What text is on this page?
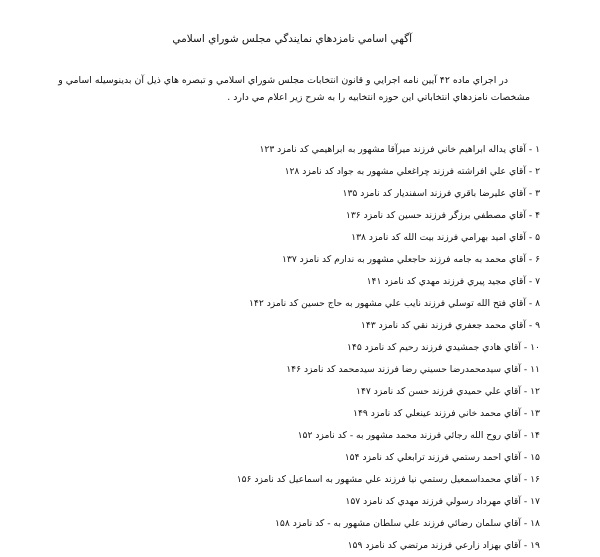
آگهي اسامي نامزدهاي نمايندگي مجلس شوراي اسلامي
در اجراي ماده ۴۲ آيين نامه اجرايي و قانون انتخابات مجلس شوراي اسلامي و تبصره هاي ذيل آن بدينوسيله اسامي و
مشخصات نامزدهاي انتخاباتي اين حوزه انتخابيه را به شرح زير اعلام مي دارد .
۱ - آقاي يداله ابراهيم خاني فرزند ميرآقا مشهور به ابراهيمي كد نامزد ۱۲۳
۲ - آقاي علي افراشته فرزند چراغعلي مشهور به جواد كد نامزد ۱۲۸
۳ - آقاي عليرضا باقري فرزند اسفنديار كد نامزد ۱۳۵
۴ - آقاي مصطفي برزگر فرزند حسين كد نامزد ۱۳۶
۵ - آقاي اميد بهرامي فرزند بيت الله كد نامزد ۱۳۸
۶ - آقاي محمد به جامه فرزند حاجعلي مشهور به ندارم كد نامزد ۱۳۷
۷ - آقاي مجيد پيري فرزند مهدي كد نامزد ۱۴۱
۸ - آقاي فتح الله توسلي فرزند نايب علي مشهور به حاج حسين كد نامزد ۱۴۲
۹ - آقاي محمد جعفري فرزند نقي كد نامزد ۱۴۳
۱۰ - آقاي هادي جمشيدي فرزند رحيم كد نامزد ۱۴۵
۱۱ - آقاي سيدمحمدرضا حسيني رضا فرزند سيدمحمد كد نامزد ۱۴۶
۱۲ - آقاي علي حميدي فرزند حسن كد نامزد ۱۴۷
۱۳ - آقاي محمد خاني فرزند عينعلي كد نامزد ۱۴۹
۱۴ - آقاي روح الله رجائي فرزند محمد مشهور به - كد نامزد ۱۵۲
۱۵ - آقاي احمد رستمي فرزند ترابعلي كد نامزد ۱۵۴
۱۶ - آقاي محمداسمعيل رستمي نيا فرزند علي مشهور به اسماعيل كد نامزد ۱۵۶
۱۷ - آقاي مهرداد رسولي فرزند مهدي كد نامزد ۱۵۷
۱۸ - آقاي سلمان رضائي فرزند علي سلطان مشهور به - كد نامزد ۱۵۸
۱۹ - آقاي بهزاد زارعي فرزند مرتضي كد نامزد ۱۵۹
